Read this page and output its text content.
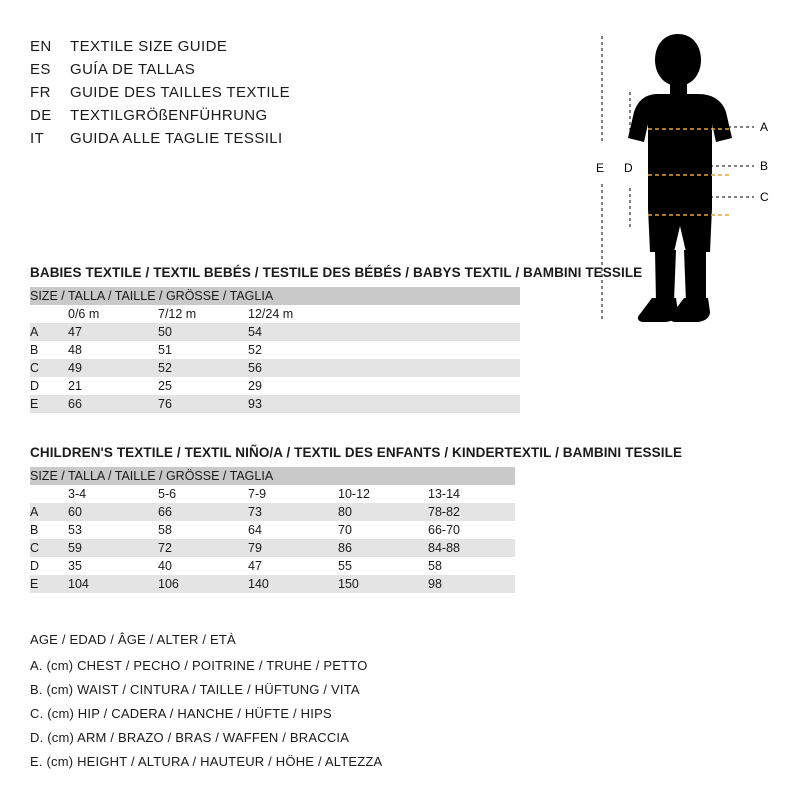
EN	TEXTILE SIZE GUIDE
ES	GUÍA DE TALLAS
FR	GUIDE DES TAILLES TEXTILE
DE	TEXTILGRÖßENFÜHRUNG
IT	GUIDA ALLE TAGLIE TESSILI
A
B
C
E D
BABIES TEXTILE / TEXTIL BEBÉS / TESTILE DES BÉBÉS / BABYS TEXTIL / BAMBINI TESSILE
SIZE / TALLA / TAILLE / GRÖSSE / TAGLIA			
	0/6 m	7/12 m	12/24 m
A	47	50	54
B	48	51	52
C	49	52	56
D	21	25	29
E	66	76	93
CHILDREN'S TEXTILE / TEXTIL NIÑO/A / TEXTIL DES ENFANTS / KINDERTEXTIL / BAMBINI TESSILE
SIZE / TALLA / TAILLE / GRÖSSE / TAGLIA					
	3-4	5-6	7-9	10-12	13-14
A	60	66	73	80	78-82
B	53	58	64	70	66-70
C	59	72	79	86	84-88
D	35	40	47	55	58
E	104	106	140	150	98
AGE / EDAD / ÂGE / ALTER / ETÀ
A. (cm) CHEST / PECHO / POITRINE / TRUHE / PETTO
B. (cm) WAIST / CINTURA / TAILLE / HÜFTUNG / VITA
C. (cm) HIP / CADERA / HANCHE / HÜFTE / HIPS
D. (cm) ARM / BRAZO / BRAS / WAFFEN / BRACCIA
E. (cm) HEIGHT / ALTURA / HAUTEUR / HÖHE / ALTEZZA
